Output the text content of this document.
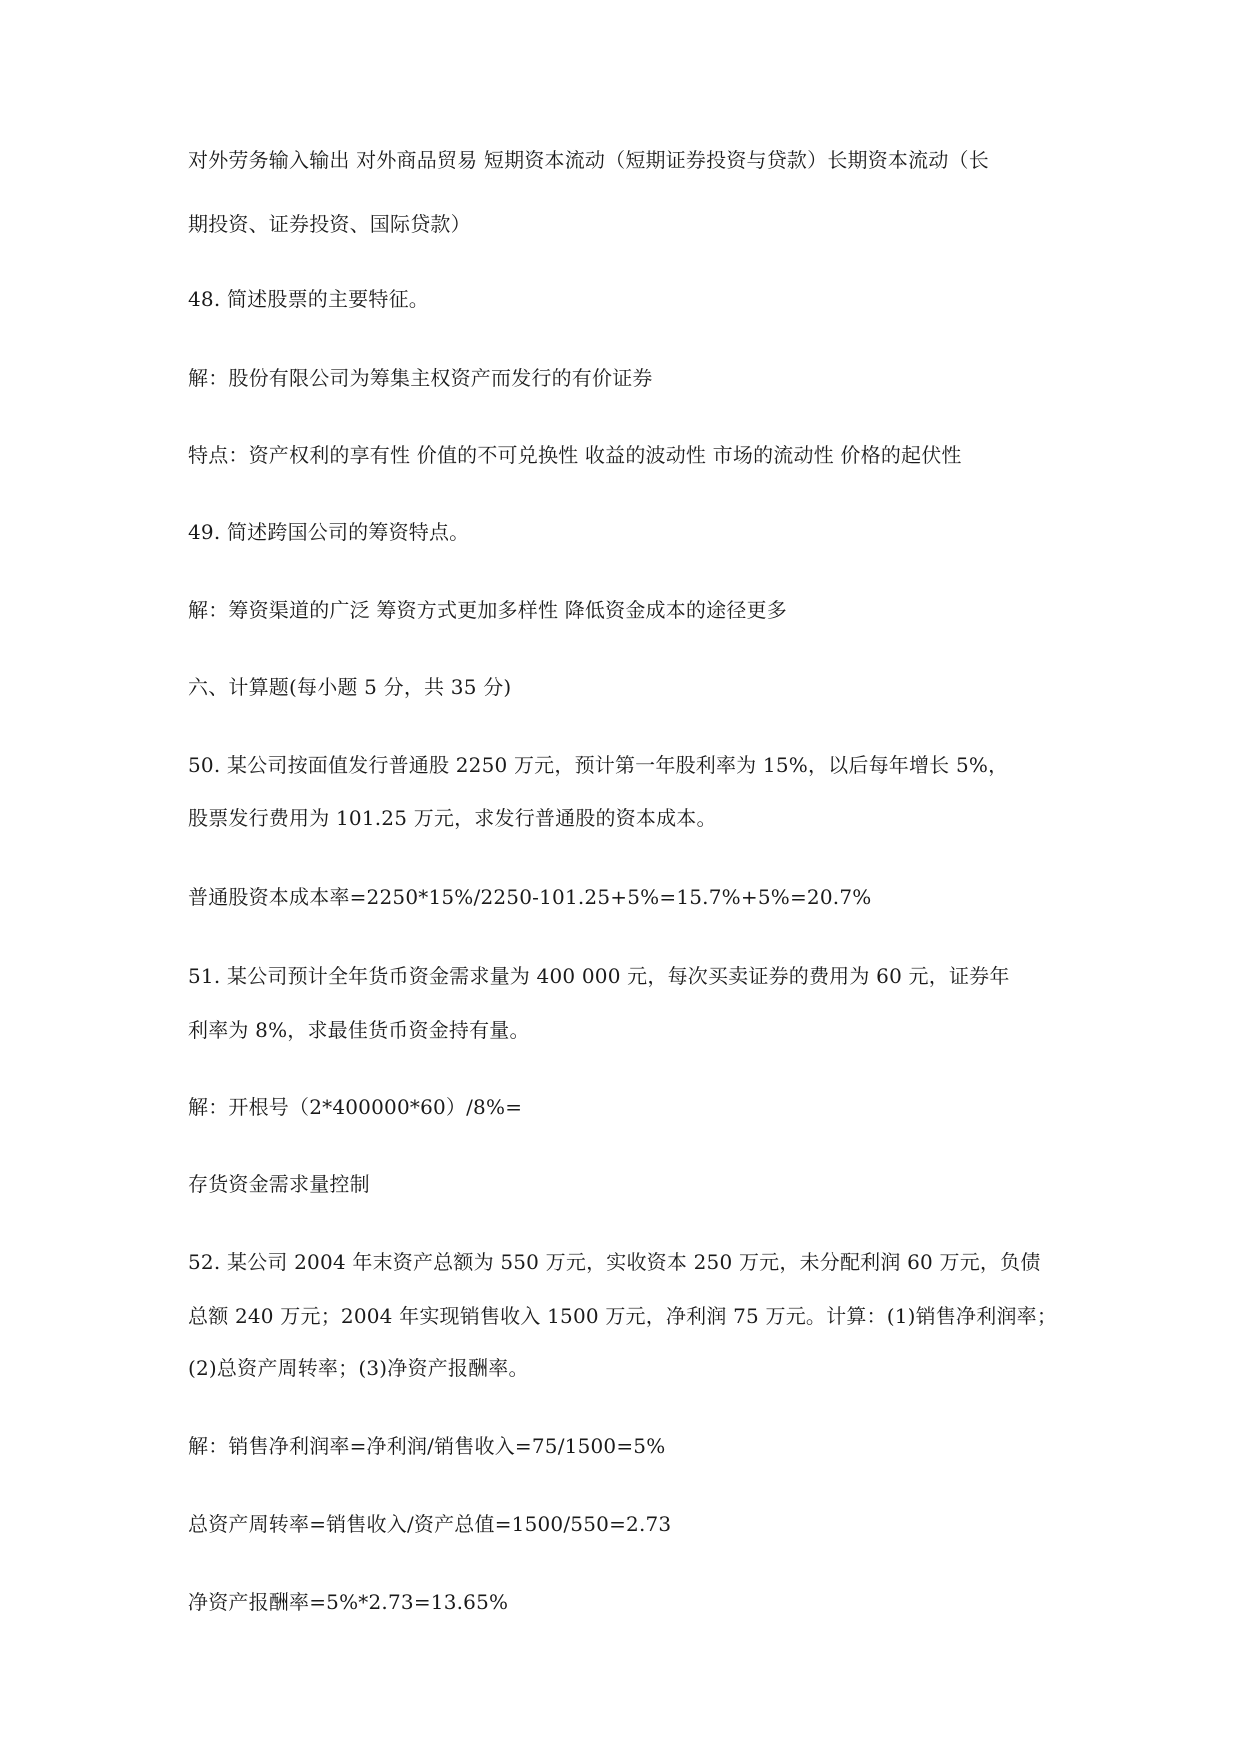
对外劳务输入输出 对外商品贸易 短期资本流动（短期证券投资与贷款）长期资本流动（长
期投资、证券投资、国际贷款）
48. 简述股票的主要特征。
解：股份有限公司为筹集主权资产而发行的有价证券
特点：资产权利的享有性 价值的不可兑换性 收益的波动性 市场的流动性 价格的起伏性
49. 简述跨国公司的筹资特点。
解：筹资渠道的广泛 筹资方式更加多样性 降低资金成本的途径更多
六、计算题(每小题 5 分，共 35 分)
50. 某公司按面值发行普通股 2250 万元，预计第一年股利率为 15%，以后每年增长 5%，
股票发行费用为 101.25 万元，求发行普通股的资本成本。
普通股资本成本率=2250*15%/2250-101.25+5%=15.7%+5%=20.7%
51. 某公司预计全年货币资金需求量为 400 000 元，每次买卖证券的费用为 60 元，证券年
利率为 8%，求最佳货币资金持有量。
解：开根号（2*400000*60）/8%=
存货资金需求量控制
52. 某公司 2004 年末资产总额为 550 万元，实收资本 250 万元，未分配利润 60 万元，负债
总额 240 万元；2004 年实现销售收入 1500 万元，净利润 75 万元。计算：(1)销售净利润率；
(2)总资产周转率；(3)净资产报酬率。
解：销售净利润率=净利润/销售收入=75/1500=5%
总资产周转率=销售收入/资产总值=1500/550=2.73
净资产报酬率=5%*2.73=13.65%
